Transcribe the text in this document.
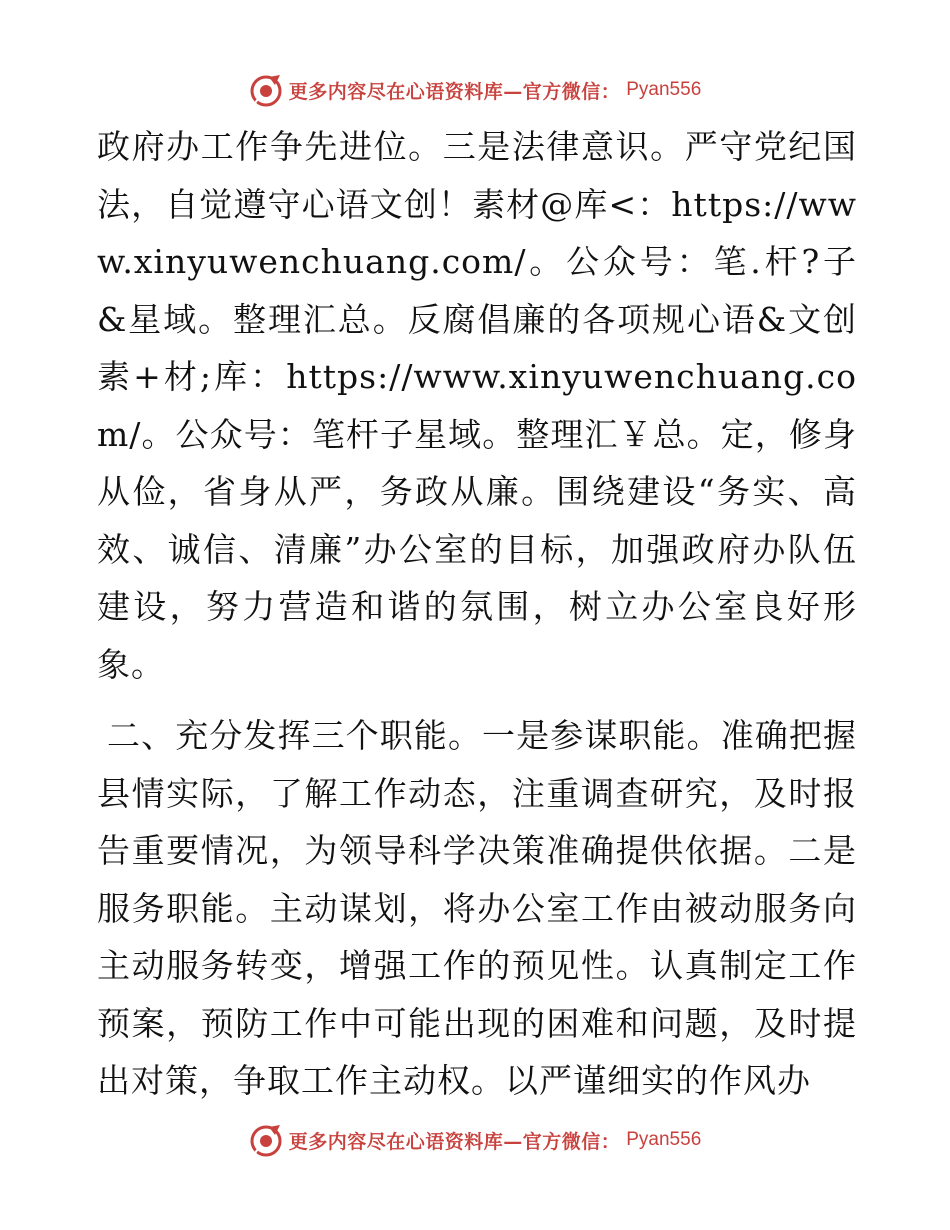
更多内容尽在心语资料库—官方微信： Pyan556

政府办工作争先进位。三是法律意识。严守党纪国法，自觉遵守心语文创！素材@库<：https://www.xinyuwenchuang.com/。公众号：笔.杆?子&星域。整理汇总。反腐倡廉的各项规心语&文创素+材;库：https://www.xinyuwenchuang.com/。公众号：笔杆子星域。整理汇￥总。定，修身从俭，省身从严，务政从廉。围绕建设“务实、高效、诚信、清廉”办公室的目标，加强政府办队伍建设，努力营造和谐的氛围，树立办公室良好形象。

二、充分发挥三个职能。一是参谋职能。准确把握县情实际，了解工作动态，注重调查研究，及时报告重要情况，为领导科学决策准确提供依据。二是服务职能。主动谋划，将办公室工作由被动服务向主动服务转变，增强工作的预见性。认真制定工作预案，预防工作中可能出现的困难和问题，及时提出对策，争取工作主动权。以严谨细实的作风办

更多内容尽在心语资料库—官方微信： Pyan556
